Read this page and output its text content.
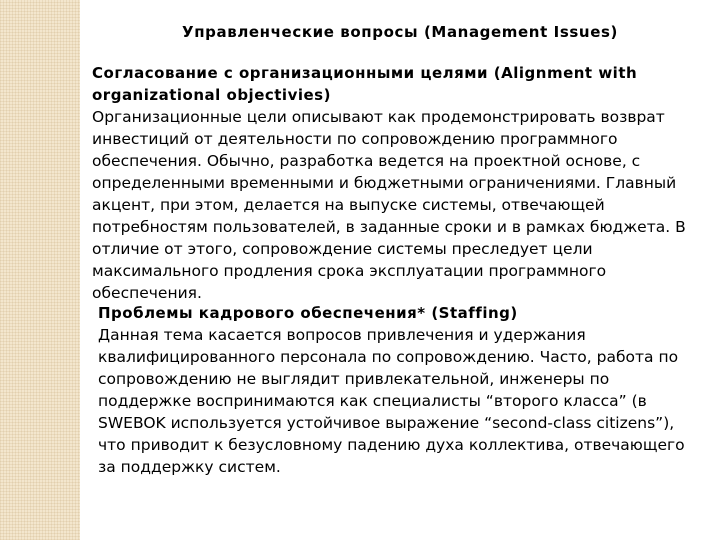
Управленческие вопросы (Management Issues)

Согласование с организационными целями (Alignment with organizational objectivies)

Организационные цели описывают как продемонстрировать возврат инвестиций от деятельности по сопровождению программного обеспечения. Обычно, разработка ведется на проектной основе, с определенными временными и бюджетными ограничениями. Главный акцент, при этом, делается на выпуске системы, отвечающей потребностям пользователей, в заданные сроки и в рамках бюджета. В отличие от этого, сопровождение системы преследует цели максимального продления срока эксплуатации программного обеспечения.

Проблемы кадрового обеспечения* (Staffing)

Данная тема касается вопросов привлечения и удержания квалифицированного персонала по сопровождению. Часто, работа по сопровождению не выглядит привлекательной, инженеры по поддержке воспринимаются как специалисты “второго класса” (в SWEBOK используется устойчивое выражение “second-class citizens”), что приводит к безусловному падению духа коллектива, отвечающего за поддержку систем.
